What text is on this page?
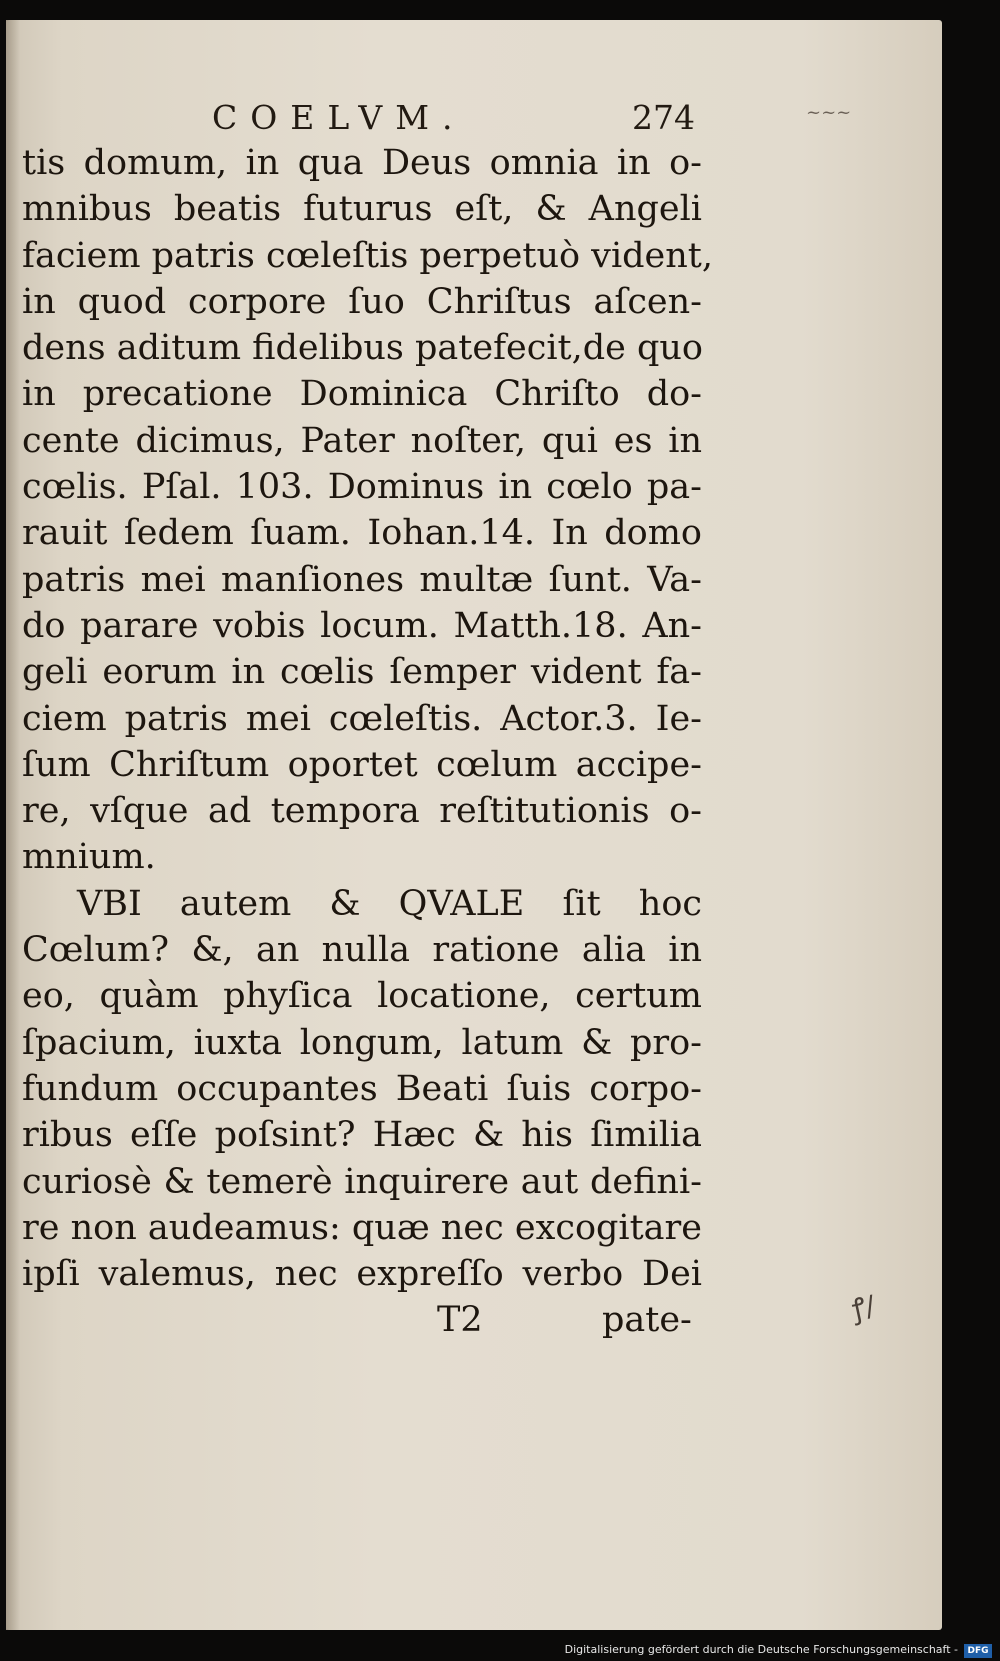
COELVM.	274	~~~
tis domum, in qua Deus omnia in o-
mnibus beatis futurus eſt, & Angeli
faciem patris cœleſtis perpetuò vident,
in quod corpore ſuo Chriſtus aſcen-
dens aditum fidelibus patefecit,de quo
in precatione Dominica Chriſto do-
cente dicimus, Pater noſter, qui es in
cœlis. Pſal. 103. Dominus in cœlo pa-
rauit ſedem ſuam. Iohan.14. In domo
patris mei manſiones multæ ſunt. Va-
do parare vobis locum. Matth.18. An-
geli eorum in cœlis ſemper vident fa-
ciem patris mei cœleſtis. Actor.3. Ie-
ſum Chriſtum oportet cœlum accipe-
re, vſque ad tempora reſtitutionis o-
mnium.
VBI autem & QVALE ſit hoc
Cœlum? &, an nulla ratione alia in
eo, quàm phyſica locatione, certum
ſpacium, iuxta longum, latum & pro-
fundum occupantes Beati ſuis corpo-
ribus eſſe poſsint? Hæc & his ſimilia
curiosè & temerè inquirere aut defini-
re non audeamus: quæ nec excogitare
ipſi valemus, nec expreſſo verbo Dei
T2	pate-	ꝭ/
Digitalisierung gefördert durch die Deutsche Forschungsgemeinschaft -	DFG
